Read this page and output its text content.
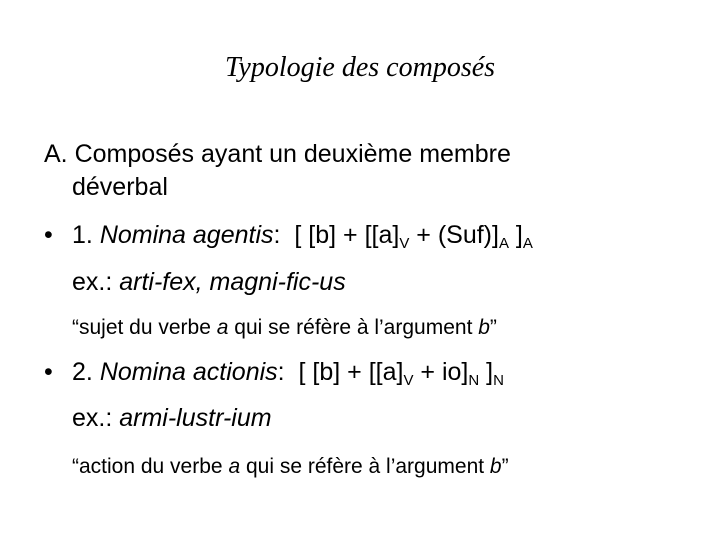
Typologie des composés
A. Composés ayant un deuxième membre
déverbal
• 1. Nomina agentis: [ $[b] + [[a]_V + (Suf)]_A$ ]$_A$
ex.: arti-fex, magni-fic-us
“sujet du verbe a qui se réfère à l’argument b”
• 2. Nomina actionis: [ $[b] + [[a]_V + io]_N$ ]$_N$
ex.: armi-lustr-ium
“action du verbe a qui se réfère à l’argument b”
